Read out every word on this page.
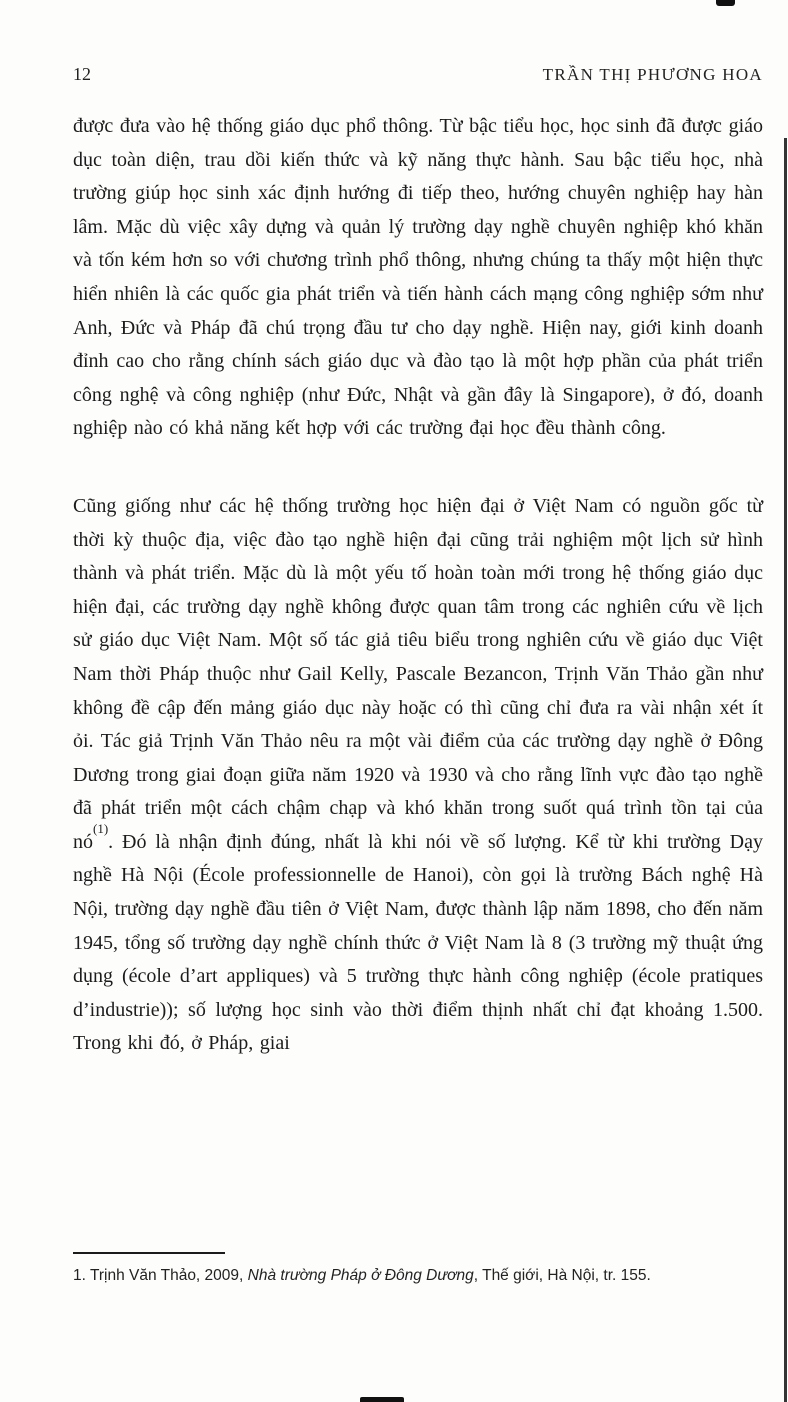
12	TRẦN THỊ PHƯƠNG HOA

được đưa vào hệ thống giáo dục phổ thông. Từ bậc tiểu học, học sinh đã được giáo dục toàn diện, trau dồi kiến thức và kỹ năng thực hành. Sau bậc tiểu học, nhà trường giúp học sinh xác định hướng đi tiếp theo, hướng chuyên nghiệp hay hàn lâm. Mặc dù việc xây dựng và quản lý trường dạy nghề chuyên nghiệp khó khăn và tốn kém hơn so với chương trình phổ thông, nhưng chúng ta thấy một hiện thực hiển nhiên là các quốc gia phát triển và tiến hành cách mạng công nghiệp sớm như Anh, Đức và Pháp đã chú trọng đầu tư cho dạy nghề. Hiện nay, giới kinh doanh đỉnh cao cho rằng chính sách giáo dục và đào tạo là một hợp phần của phát triển công nghệ và công nghiệp (như Đức, Nhật và gần đây là Singapore), ở đó, doanh nghiệp nào có khả năng kết hợp với các trường đại học đều thành công.

Cũng giống như các hệ thống trường học hiện đại ở Việt Nam có nguồn gốc từ thời kỳ thuộc địa, việc đào tạo nghề hiện đại cũng trải nghiệm một lịch sử hình thành và phát triển. Mặc dù là một yếu tố hoàn toàn mới trong hệ thống giáo dục hiện đại, các trường dạy nghề không được quan tâm trong các nghiên cứu về lịch sử giáo dục Việt Nam. Một số tác giả tiêu biểu trong nghiên cứu về giáo dục Việt Nam thời Pháp thuộc như Gail Kelly, Pascale Bezancon, Trịnh Văn Thảo gần như không đề cập đến mảng giáo dục này hoặc có thì cũng chỉ đưa ra vài nhận xét ít ỏi. Tác giả Trịnh Văn Thảo nêu ra một vài điểm của các trường dạy nghề ở Đông Dương trong giai đoạn giữa năm 1920 và 1930 và cho rằng lĩnh vực đào tạo nghề đã phát triển một cách chậm chạp và khó khăn trong suốt quá trình tồn tại của nó$^{(1)}$. Đó là nhận định đúng, nhất là khi nói về số lượng. Kể từ khi trường Dạy nghề Hà Nội (École professionnelle de Hanoi), còn gọi là trường Bách nghệ Hà Nội, trường dạy nghề đầu tiên ở Việt Nam, được thành lập năm 1898, cho đến năm 1945, tổng số trường dạy nghề chính thức ở Việt Nam là 8 (3 trường mỹ thuật ứng dụng (école d’art appliques) và 5 trường thực hành công nghiệp (école pratiques d’industrie)); số lượng học sinh vào thời điểm thịnh nhất chỉ đạt khoảng 1.500. Trong khi đó, ở Pháp, giai

1. Trịnh Văn Thảo, 2009, Nhà trường Pháp ở Đông Dương, Thế giới, Hà Nội, tr. 155.
